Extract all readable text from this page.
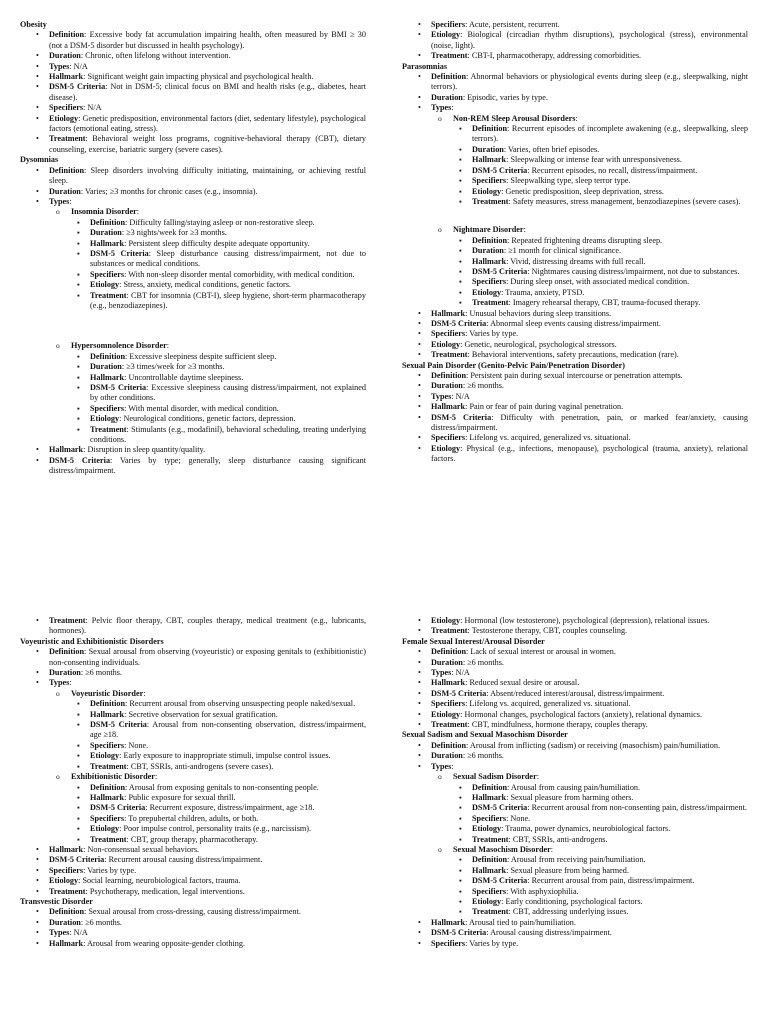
Obesity
• Definition: Excessive body fat accumulation impairing health, often measured by BMI ≥ 30 (not a DSM-5 disorder but discussed in health psychology).
• Duration: Chronic, often lifelong without intervention.
• Types: N/A
• Hallmark: Significant weight gain impacting physical and psychological health.
• DSM-5 Criteria: Not in DSM-5; clinical focus on BMI and health risks (e.g., diabetes, heart disease).
• Specifiers: N/A
• Etiology: Genetic predisposition, environmental factors (diet, sedentary lifestyle), psychological factors (emotional eating, stress).
• Treatment: Behavioral weight loss programs, cognitive-behavioral therapy (CBT), dietary counseling, exercise, bariatric surgery (severe cases).
Dysomnias
• Definition: Sleep disorders involving difficulty initiating, maintaining, or achieving restful sleep.
• Duration: Varies; ≥3 months for chronic cases (e.g., insomnia).
• Types:
o Insomnia Disorder:
▪ Definition: Difficulty falling/staying asleep or non-restorative sleep.
▪ Duration: ≥3 nights/week for ≥3 months.
▪ Hallmark: Persistent sleep difficulty despite adequate opportunity.
▪ DSM-5 Criteria: Sleep disturbance causing distress/impairment, not due to substances or medical conditions.
▪ Specifiers: With non-sleep disorder mental comorbidity, with medical condition.
▪ Etiology: Stress, anxiety, medical conditions, genetic factors.
▪ Treatment: CBT for insomnia (CBT-I), sleep hygiene, short-term pharmacotherapy (e.g., benzodiazepines).
o Hypersomnolence Disorder:
▪ Definition: Excessive sleepiness despite sufficient sleep.
▪ Duration: ≥3 times/week for ≥3 months.
▪ Hallmark: Uncontrollable daytime sleepiness.
▪ DSM-5 Criteria: Excessive sleepiness causing distress/impairment, not explained by other conditions.
▪ Specifiers: With mental disorder, with medical condition.
▪ Etiology: Neurological conditions, genetic factors, depression.
▪ Treatment: Stimulants (e.g., modafinil), behavioral scheduling, treating underlying conditions.
• Hallmark: Disruption in sleep quantity/quality.
• DSM-5 Criteria: Varies by type; generally, sleep disturbance causing significant distress/impairment.
• Specifiers: Acute, persistent, recurrent.
• Etiology: Biological (circadian rhythm disruptions), psychological (stress), environmental (noise, light).
• Treatment: CBT-I, pharmacotherapy, addressing comorbidities.
Parasomnias
• Definition: Abnormal behaviors or physiological events during sleep (e.g., sleepwalking, night terrors).
• Duration: Episodic, varies by type.
• Types:
o Non-REM Sleep Arousal Disorders:
▪ Definition: Recurrent episodes of incomplete awakening (e.g., sleepwalking, sleep terrors).
▪ Duration: Varies, often brief episodes.
▪ Hallmark: Sleepwalking or intense fear with unresponsiveness.
▪ DSM-5 Criteria: Recurrent episodes, no recall, distress/impairment.
▪ Specifiers: Sleepwalking type, sleep terror type.
▪ Etiology: Genetic predisposition, sleep deprivation, stress.
▪ Treatment: Safety measures, stress management, benzodiazepines (severe cases).
o Nightmare Disorder:
▪ Definition: Repeated frightening dreams disrupting sleep.
▪ Duration: ≥1 month for clinical significance.
▪ Hallmark: Vivid, distressing dreams with full recall.
▪ DSM-5 Criteria: Nightmares causing distress/impairment, not due to substances.
▪ Specifiers: During sleep onset, with associated medical condition.
▪ Etiology: Trauma, anxiety, PTSD.
▪ Treatment: Imagery rehearsal therapy, CBT, trauma-focused therapy.
• Hallmark: Unusual behaviors during sleep transitions.
• DSM-5 Criteria: Abnormal sleep events causing distress/impairment.
• Specifiers: Varies by type.
• Etiology: Genetic, neurological, psychological stressors.
• Treatment: Behavioral interventions, safety precautions, medication (rare).
Sexual Pain Disorder (Genito-Pelvic Pain/Penetration Disorder)
• Definition: Persistent pain during sexual intercourse or penetration attempts.
• Duration: ≥6 months.
• Types: N/A
• Hallmark: Pain or fear of pain during vaginal penetration.
• DSM-5 Criteria: Difficulty with penetration, pain, or marked fear/anxiety, causing distress/impairment.
• Specifiers: Lifelong vs. acquired, generalized vs. situational.
• Etiology: Physical (e.g., infections, menopause), psychological (trauma, anxiety), relational factors.
• Treatment: Pelvic floor therapy, CBT, couples therapy, medical treatment (e.g., lubricants, hormones).
Voyeuristic and Exhibitionistic Disorders
• Definition: Sexual arousal from observing (voyeuristic) or exposing genitals to (exhibitionistic) non-consenting individuals.
• Duration: ≥6 months.
• Types:
o Voyeuristic Disorder:
▪ Definition: Recurrent arousal from observing unsuspecting people naked/sexual.
▪ Hallmark: Secretive observation for sexual gratification.
▪ DSM-5 Criteria: Arousal from non-consenting observation, distress/impairment, age ≥18.
▪ Specifiers: None.
▪ Etiology: Early exposure to inappropriate stimuli, impulse control issues.
▪ Treatment: CBT, SSRIs, anti-androgens (severe cases).
o Exhibitionistic Disorder:
▪ Definition: Arousal from exposing genitals to non-consenting people.
▪ Hallmark: Public exposure for sexual thrill.
▪ DSM-5 Criteria: Recurrent exposure, distress/impairment, age ≥18.
▪ Specifiers: To prepubertal children, adults, or both.
▪ Etiology: Poor impulse control, personality traits (e.g., narcissism).
▪ Treatment: CBT, group therapy, pharmacotherapy.
• Hallmark: Non-consensual sexual behaviors.
• DSM-5 Criteria: Recurrent arousal causing distress/impairment.
• Specifiers: Varies by type.
• Etiology: Social learning, neurobiological factors, trauma.
• Treatment: Psychotherapy, medication, legal interventions.
Transvestic Disorder
• Definition: Sexual arousal from cross-dressing, causing distress/impairment.
• Duration: ≥6 months.
• Types: N/A
• Hallmark: Arousal from wearing opposite-gender clothing.
• Etiology: Hormonal (low testosterone), psychological (depression), relational issues.
• Treatment: Testosterone therapy, CBT, couples counseling.
Female Sexual Interest/Arousal Disorder
• Definition: Lack of sexual interest or arousal in women.
• Duration: ≥6 months.
• Types: N/A
• Hallmark: Reduced sexual desire or arousal.
• DSM-5 Criteria: Absent/reduced interest/arousal, distress/impairment.
• Specifiers: Lifelong vs. acquired, generalized vs. situational.
• Etiology: Hormonal changes, psychological factors (anxiety), relational dynamics.
• Treatment: CBT, mindfulness, hormone therapy, couples therapy.
Sexual Sadism and Sexual Masochism Disorder
• Definition: Arousal from inflicting (sadism) or receiving (masochism) pain/humiliation.
• Duration: ≥6 months.
• Types:
o Sexual Sadism Disorder:
▪ Definition: Arousal from causing pain/humiliation.
▪ Hallmark: Sexual pleasure from harming others.
▪ DSM-5 Criteria: Recurrent arousal from non-consenting pain, distress/impairment.
▪ Specifiers: None.
▪ Etiology: Trauma, power dynamics, neurobiological factors.
▪ Treatment: CBT, SSRIs, anti-androgens.
o Sexual Masochism Disorder:
▪ Definition: Arousal from receiving pain/humiliation.
▪ Hallmark: Sexual pleasure from being harmed.
▪ DSM-5 Criteria: Recurrent arousal from pain, distress/impairment.
▪ Specifiers: With asphyxiophilia.
▪ Etiology: Early conditioning, psychological factors.
▪ Treatment: CBT, addressing underlying issues.
• Hallmark: Arousal tied to pain/humiliation.
• DSM-5 Criteria: Arousal causing distress/impairment.
• Specifiers: Varies by type.
